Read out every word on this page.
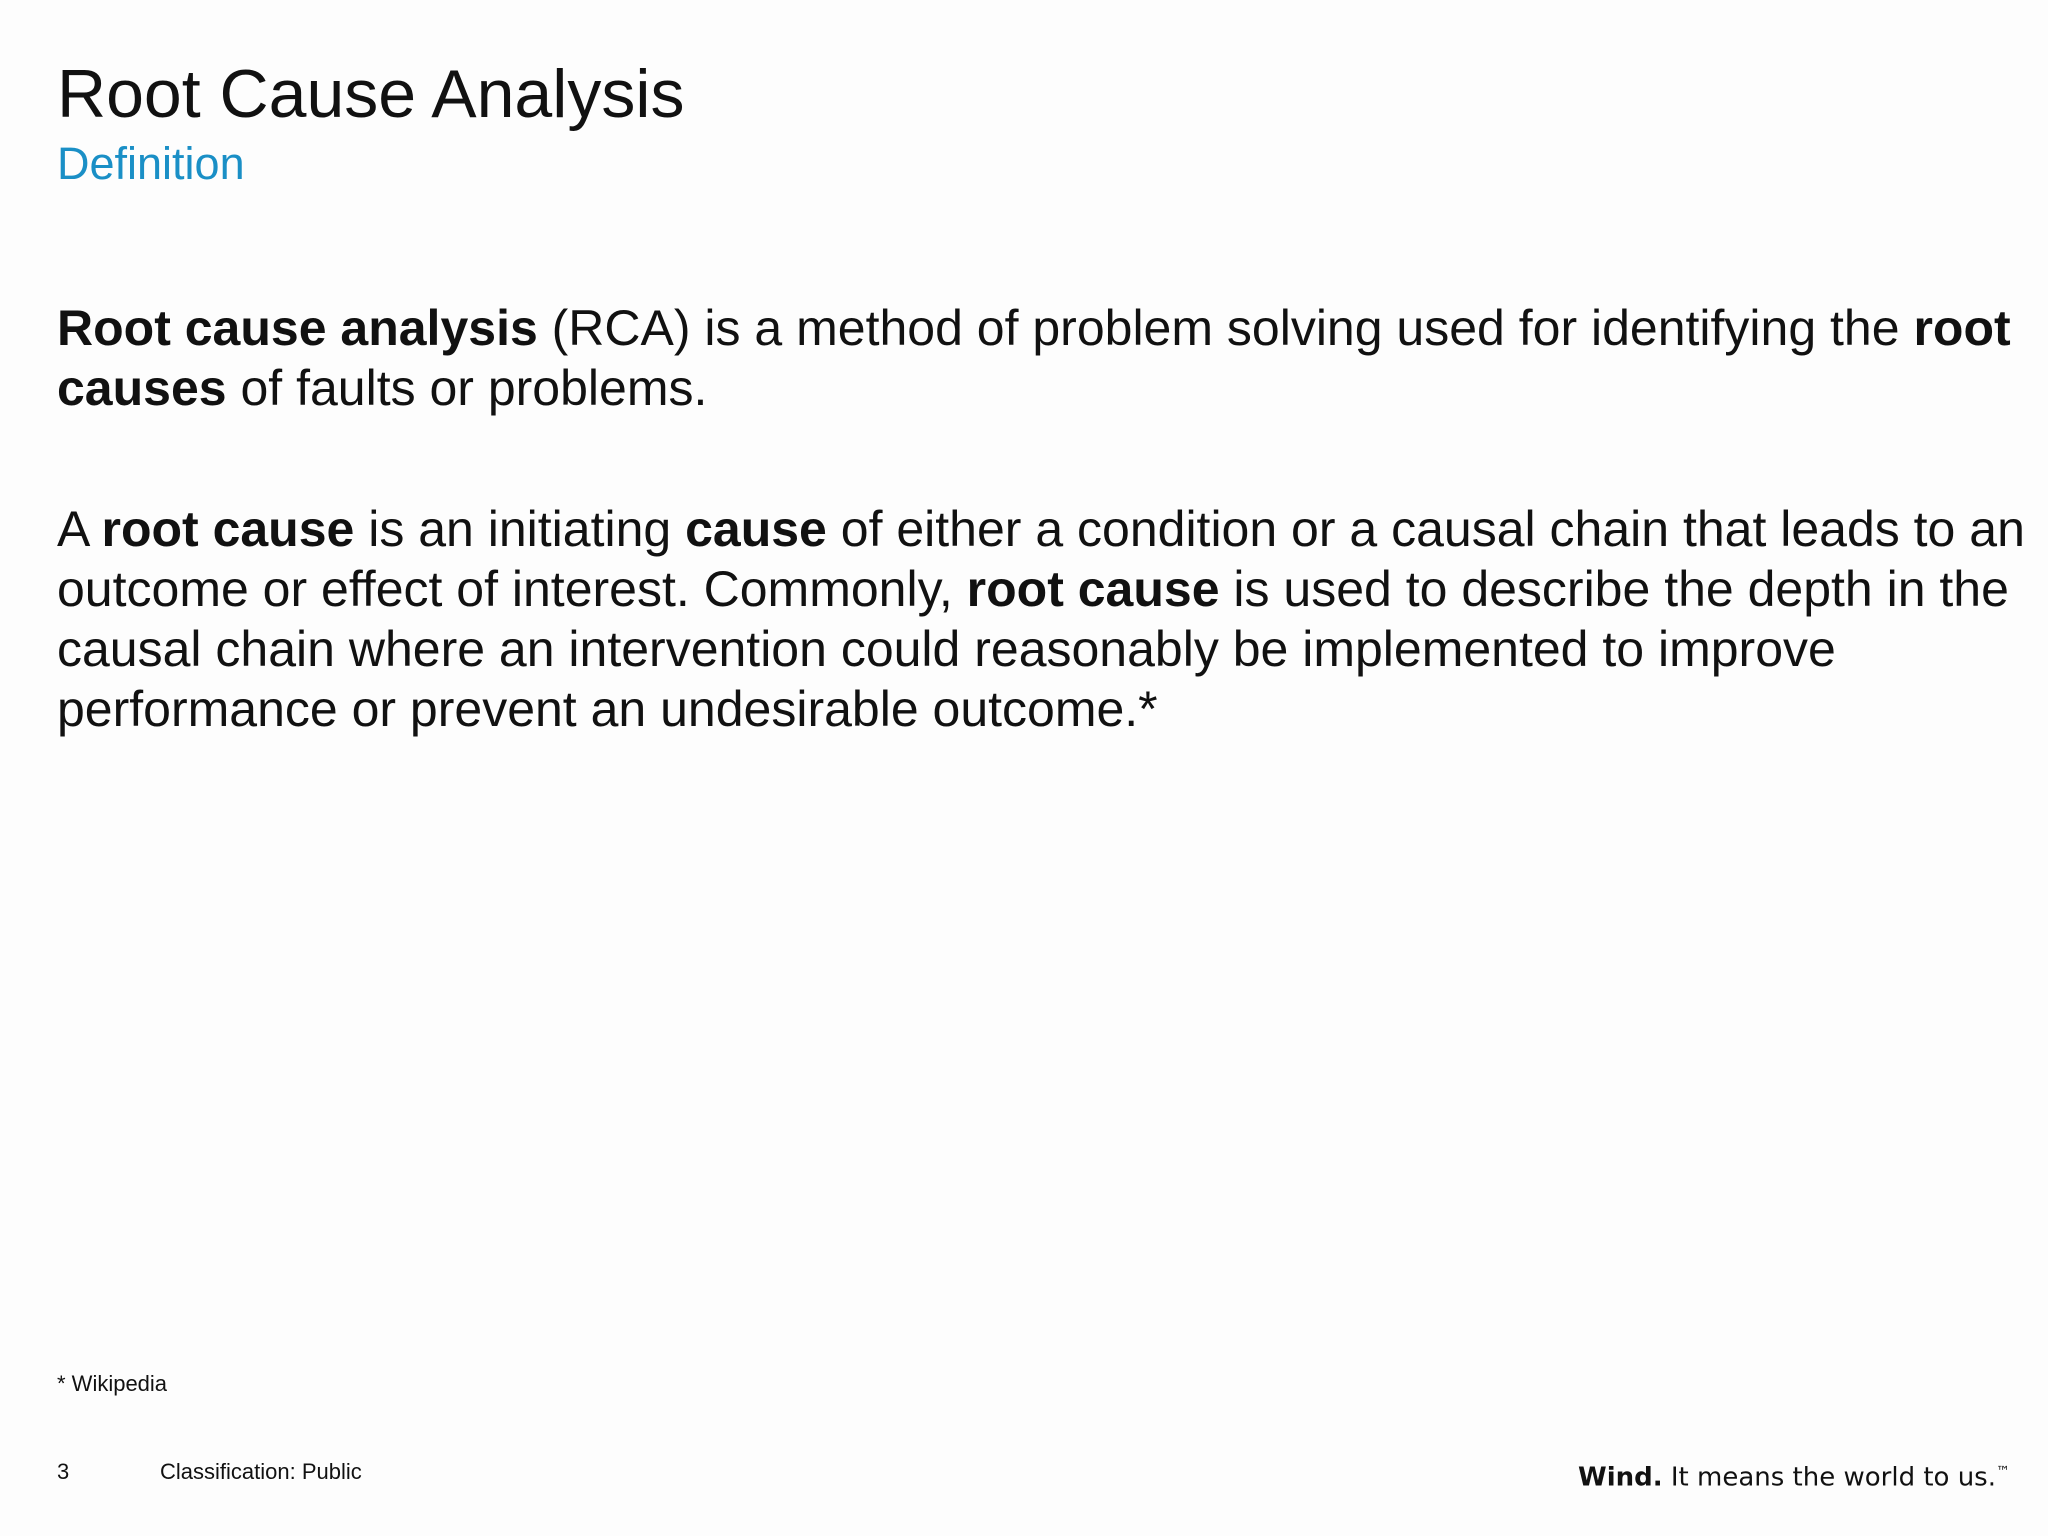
Root Cause Analysis
Definition

Root cause analysis (RCA) is a method of problem solving used for identifying the root causes of faults or problems.

A root cause is an initiating cause of either a condition or a causal chain that leads to an outcome or effect of interest. Commonly, root cause is used to describe the depth in the causal chain where an intervention could reasonably be implemented to improve performance or prevent an undesirable outcome.*

* Wikipedia
3	Classification: Public	Wind. It means the world to us.™
